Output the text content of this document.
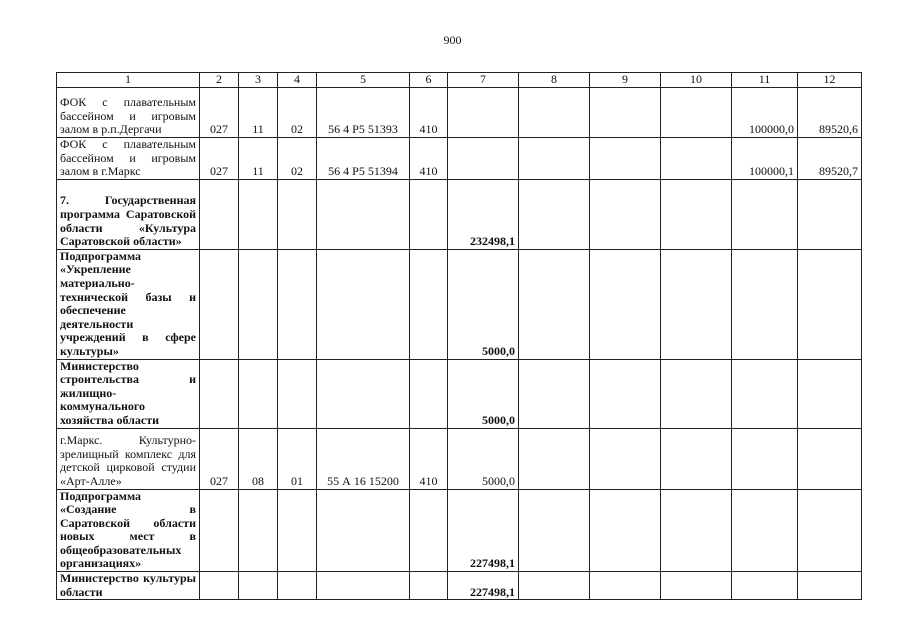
900
1	2	3	4	5	6	7	8	9	10	11	12
ФОК с плавательным бассейном и игровым залом в р.п.Дергачи	027	11	02	56 4 P5 51393	410					100000,0	89520,6
ФОК с плавательным бассейном и игровым залом в г.Маркс	027	11	02	56 4 P5 51394	410					100000,1	89520,7
7. Государственная программа Саратовской области «Культура Саратовской области»						232498,1					
Подпрограмма «Укрепление материально-технической базы и обеспечение деятельности учреждений в сфере культуры»						5000,0					
Министерство строительства и жилищно-коммунального хозяйства области						5000,0					
г.Маркс. Культурно-зрелищный комплекс для детской цирковой студии «Арт-Алле»	027	08	01	55 А 16 15200	410	5000,0					
Подпрограмма «Создание в Саратовской области новых мест в общеобразовательных организациях»						227498,1					
Министерство культуры области						227498,1					
